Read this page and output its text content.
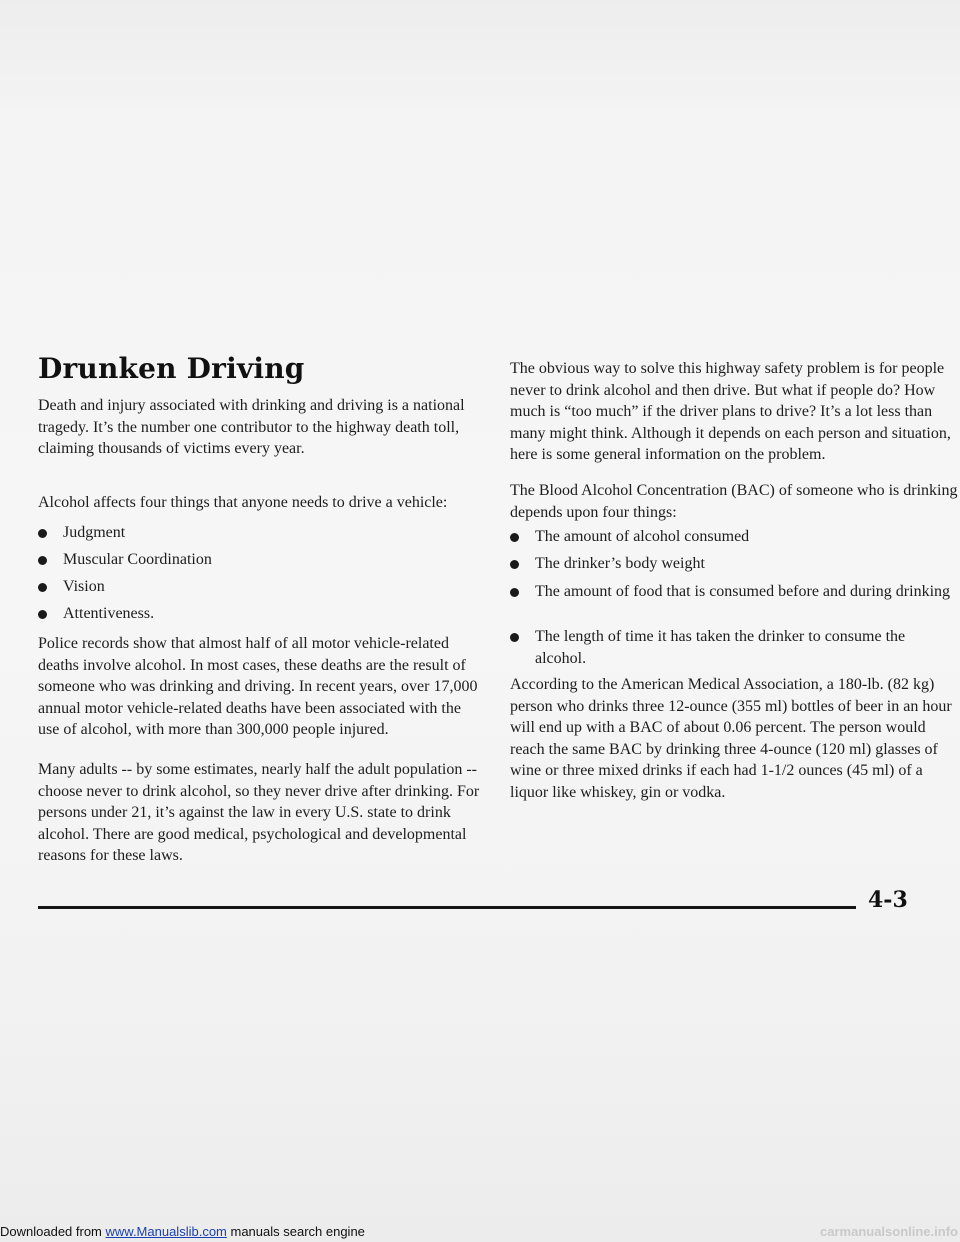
Drunken Driving

Death and injury associated with drinking and driving is a national tragedy. It’s the number one contributor to the highway death toll, claiming thousands of victims every year.

Alcohol affects four things that anyone needs to drive a vehicle:

Judgment
Muscular Coordination
Vision
Attentiveness.

Police records show that almost half of all motor vehicle-related deaths involve alcohol. In most cases, these deaths are the result of someone who was drinking and driving. In recent years, over 17,000 annual motor vehicle-related deaths have been associated with the use of alcohol, with more than 300,000 people injured.

Many adults -- by some estimates, nearly half the adult population -- choose never to drink alcohol, so they never drive after drinking. For persons under 21, it’s against the law in every U.S. state to drink alcohol. There are good medical, psychological and developmental reasons for these laws.

The obvious way to solve this highway safety problem is for people never to drink alcohol and then drive. But what if people do? How much is “too much” if the driver plans to drive? It’s a lot less than many might think. Although it depends on each person and situation, here is some general information on the problem.

The Blood Alcohol Concentration (BAC) of someone who is drinking depends upon four things:

The amount of alcohol consumed
The drinker’s body weight
The amount of food that is consumed before and during drinking
The length of time it has taken the drinker to consume the alcohol.

According to the American Medical Association, a 180-lb. (82 kg) person who drinks three 12-ounce (355 ml) bottles of beer in an hour will end up with a BAC of about 0.06 percent. The person would reach the same BAC by drinking three 4-ounce (120 ml) glasses of wine or three mixed drinks if each had 1-1/2 ounces (45 ml) of a liquor like whiskey, gin or vodka.

4-3
Downloaded from www.Manualslib.com manuals search engine	carmanualsonline.info
